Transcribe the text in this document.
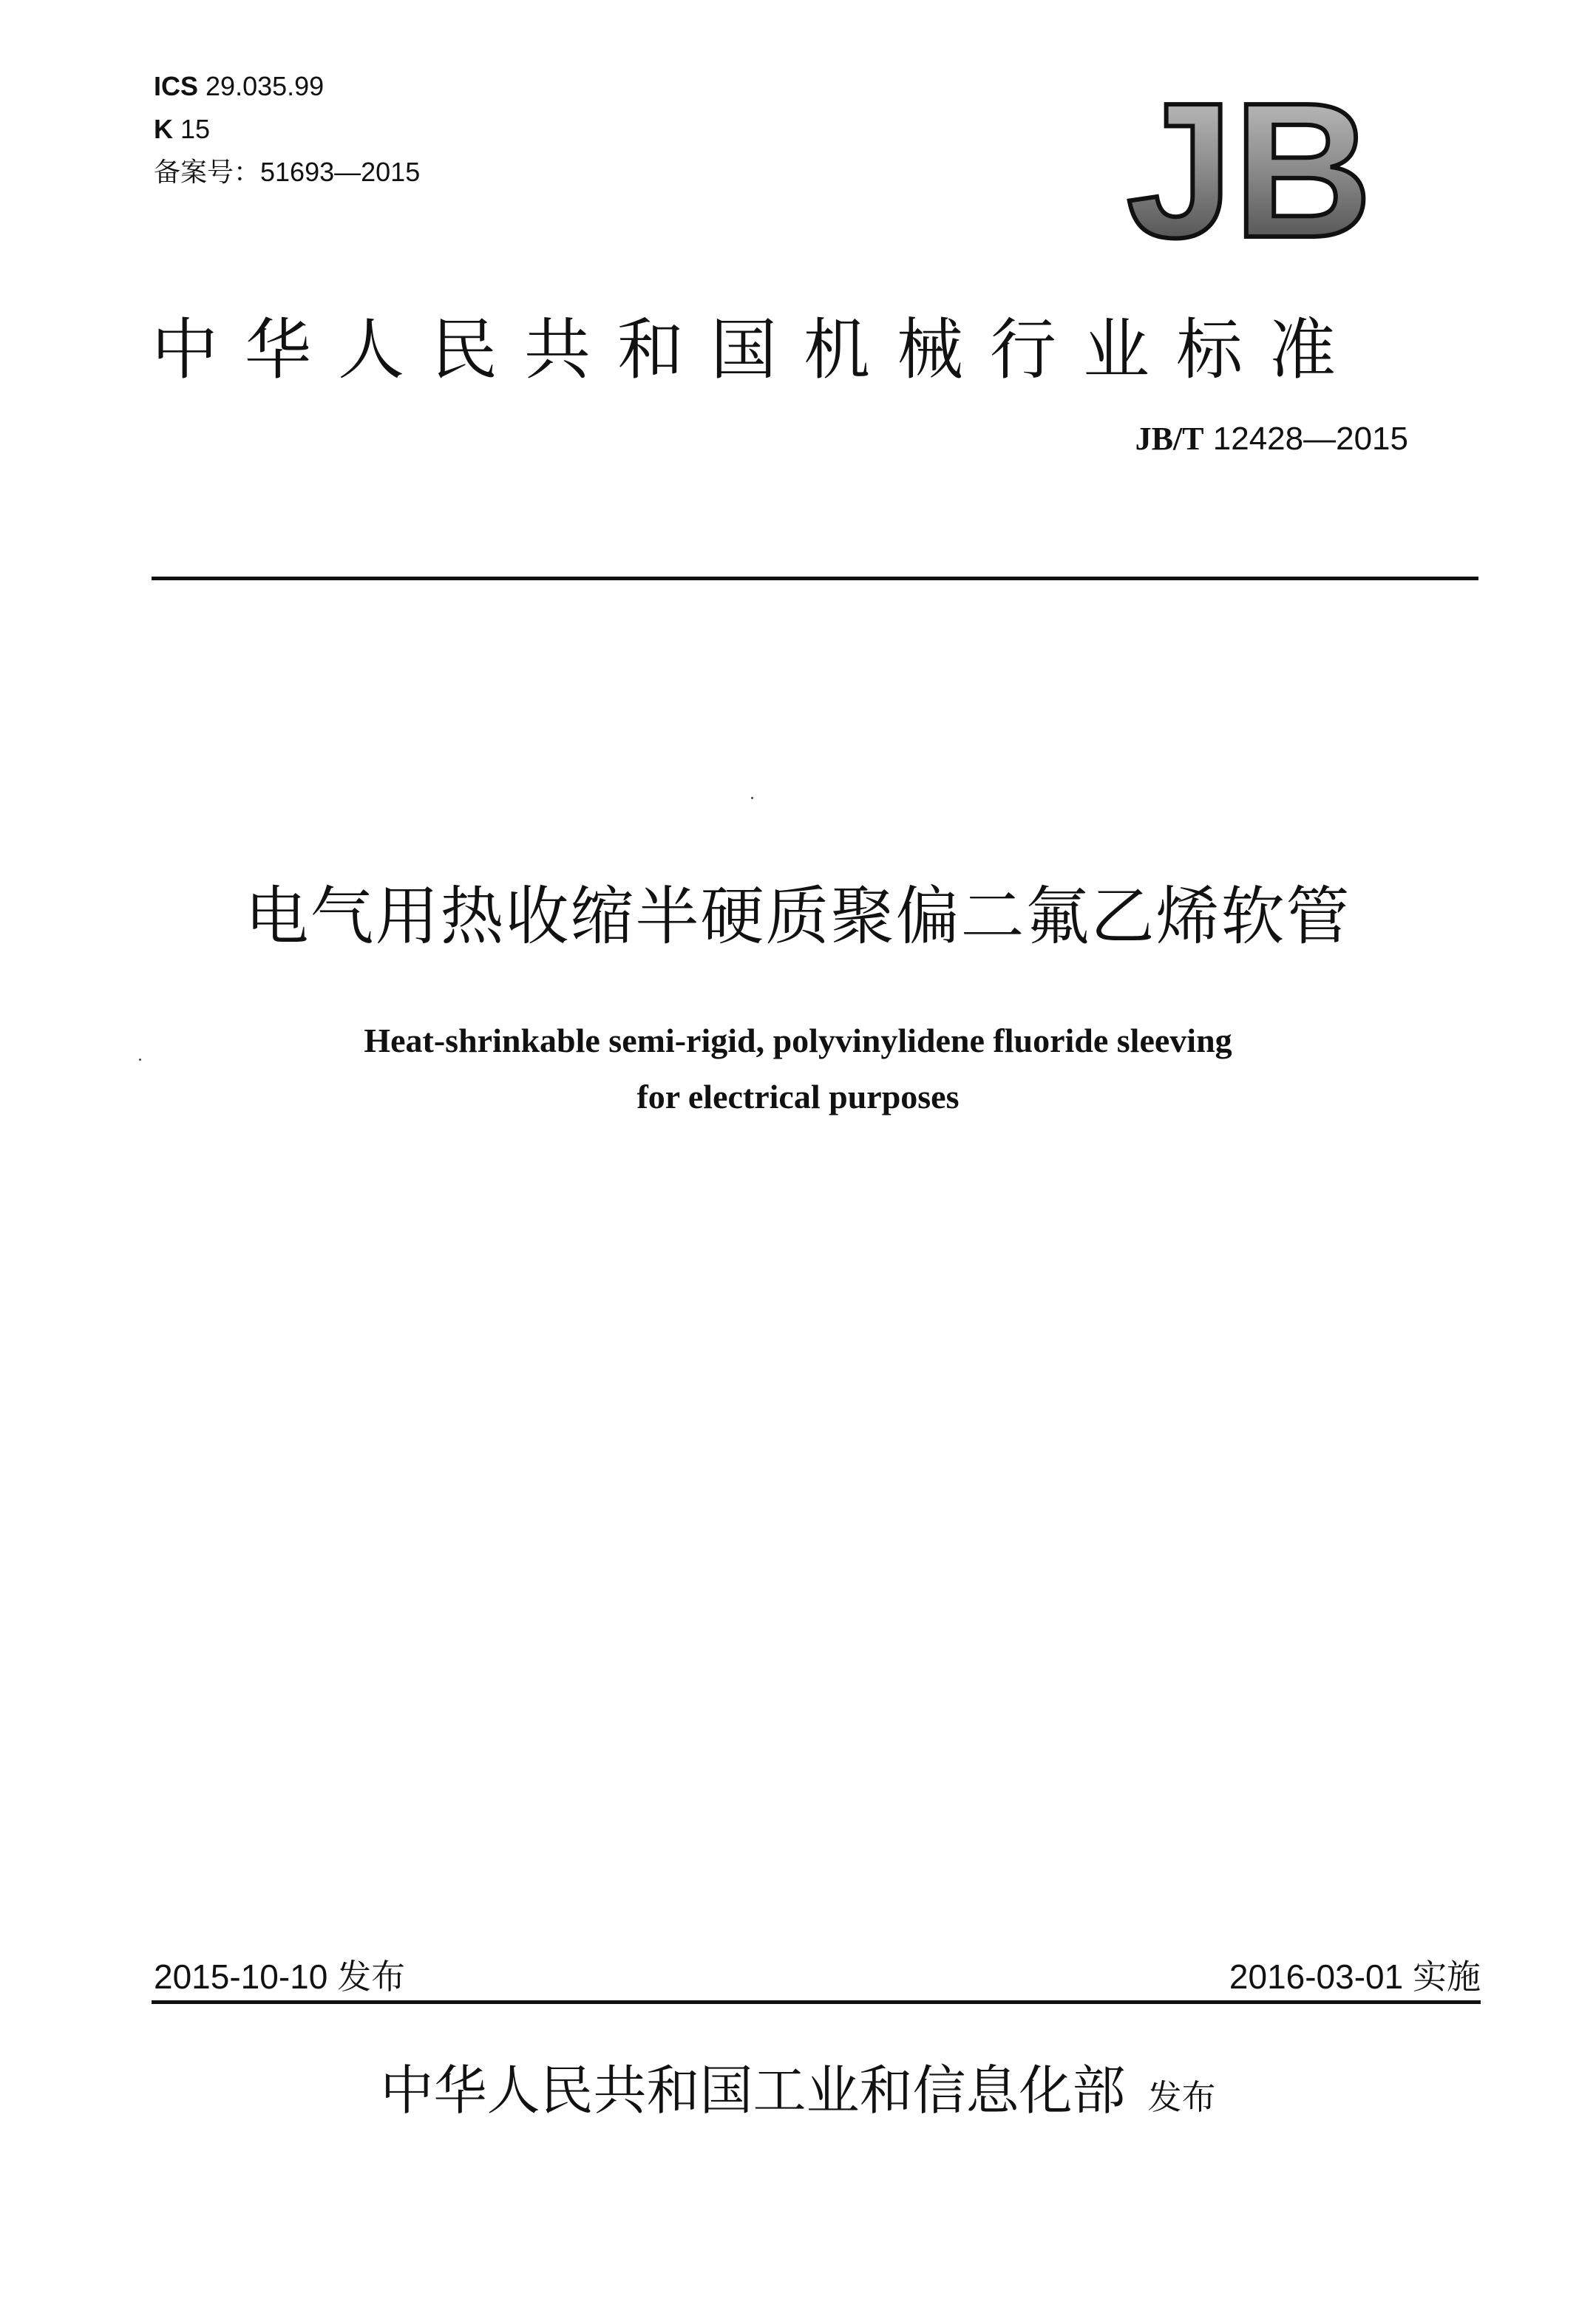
ICS 29.035.99
K 15
备案号：51693—2015	JB
中华人民共和国机械行业标准
JB/T 12428—2015
电气用热收缩半硬质聚偏二氟乙烯软管
Heat-shrinkable semi-rigid, polyvinylidene fluoride sleeving
for electrical purposes
2015-10-10 发布	2016-03-01 实施
中华人民共和国工业和信息化部 发布
